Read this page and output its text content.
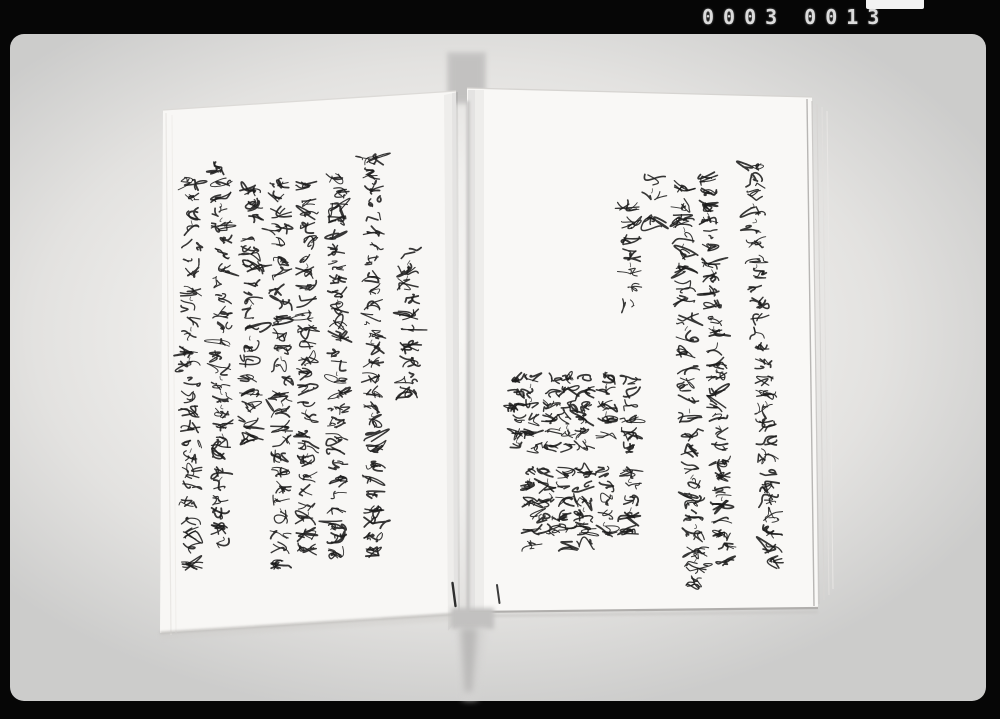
0003 0013
